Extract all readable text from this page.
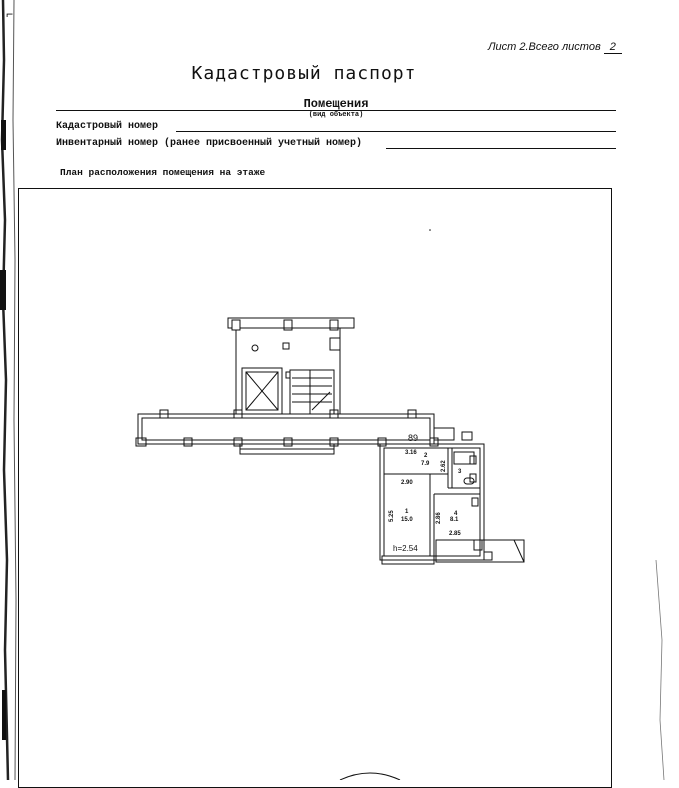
⌐
Лист 2.Всего листов 2
Кадастровый паспорт
Помещения
(вид объекта)
Кадастровый номер
Инвентарный номер (ранее присвоенный учетный номер)
План расположения помещения на этаже
89
3.16 2
7.9 2.62 3
2.90
5.25 1
15.0	2.86 4
8.1
2.85
h=2.54
